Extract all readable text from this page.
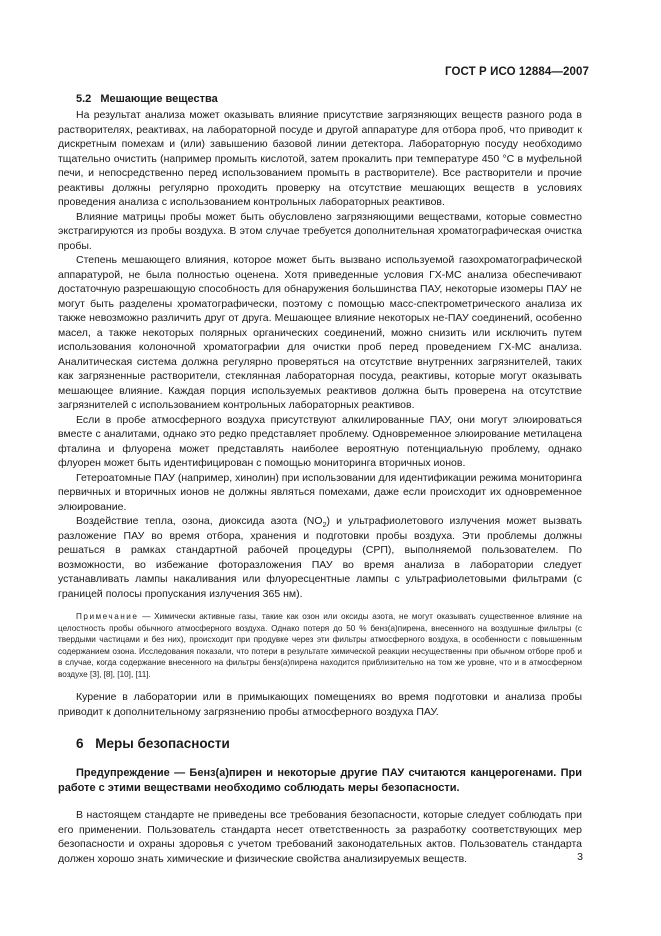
ГОСТ Р ИСО 12884—2007
5.2 Мешающие вещества

На результат анализа может оказывать влияние присутствие загрязняющих веществ разного рода в растворителях, реактивах, на лабораторной посуде и другой аппаратуре для отбора проб, что приводит к дискретным помехам и (или) завышению базовой линии детектора. Лабораторную посуду необходимо тщательно очистить (например промыть кислотой, затем прокалить при температуре 450 °С в муфельной печи, и непосредственно перед использованием промыть в растворителе). Все растворители и прочие реактивы должны регулярно проходить проверку на отсутствие мешающих веществ в условиях проведения анализа с использованием контрольных лабораторных реактивов.

Влияние матрицы пробы может быть обусловлено загрязняющими веществами, которые совместно экстрагируются из пробы воздуха. В этом случае требуется дополнительная хроматографическая очистка пробы.

Степень мешающего влияния, которое может быть вызвано используемой газохроматографической аппаратурой, не была полностью оценена. Хотя приведенные условия ГХ-МС анализа обеспечивают достаточную разрешающую способность для обнаружения большинства ПАУ, некоторые изомеры ПАУ не могут быть разделены хроматографически, поэтому с помощью масс-спектрометрического анализа их также невозможно различить друг от друга. Мешающее влияние некоторых не-ПАУ соединений, особенно масел, а также некоторых полярных органических соединений, можно снизить или исключить путем использования колоночной хроматографии для очистки проб перед проведением ГХ-МС анализа. Аналитическая система должна регулярно проверяться на отсутствие внутренних загрязнителей, таких как загрязненные растворители, стеклянная лабораторная посуда, реактивы, которые могут оказывать мешающее влияние. Каждая порция используемых реактивов должна быть проверена на отсутствие загрязнителей с использованием контрольных лабораторных реактивов.

Если в пробе атмосферного воздуха присутствуют алкилированные ПАУ, они могут элюироваться вместе с аналитами, однако это редко представляет проблему. Одновременное элюирование метилацена фталина и флуорена может представлять наиболее вероятную потенциальную проблему, однако флуорен может быть идентифицирован с помощью мониторинга вторичных ионов.

Гетероатомные ПАУ (например, хинолин) при использовании для идентификации режима мониторинга первичных и вторичных ионов не должны являться помехами, даже если происходит их одновременное элюирование.

Воздействие тепла, озона, диоксида азота $(NO_2)$ и ультрафиолетового излучения может вызвать разложение ПАУ во время отбора, хранения и подготовки пробы воздуха. Эти проблемы должны решаться в рамках стандартной рабочей процедуры (СРП), выполняемой пользователем. По возможности, во избежание фоторазложения ПАУ во время анализа в лаборатории следует устанавливать лампы накаливания или флуоресцентные лампы с ультрафиолетовыми фильтрами (с границей полосы пропускания излучения 365 нм).

Примечание — Химически активные газы, такие как озон или оксиды азота, не могут оказывать существенное влияние на целостность пробы обычного атмосферного воздуха. Однако потеря до 50 % бенз(а)пирена, внесенного на воздушные фильтры (с твердыми частицами и без них), происходит при продувке через эти фильтры атмосферного воздуха, в особенности с повышенным содержанием озона. Исследования показали, что потери в результате химической реакции несущественны при обычном отборе проб и в случае, когда содержание внесенного на фильтры бенз(а)пирена находится приблизительно на том же уровне, что и в атмосферном воздухе [3], [8], [10], [11].

Курение в лаборатории или в примыкающих помещениях во время подготовки и анализа пробы приводит к дополнительному загрязнению пробы атмосферного воздуха ПАУ.

6 Меры безопасности

Предупреждение — Бенз(а)пирен и некоторые другие ПАУ считаются канцерогенами. При работе с этими веществами необходимо соблюдать меры безопасности.

В настоящем стандарте не приведены все требования безопасности, которые следует соблюдать при его применении. Пользователь стандарта несет ответственность за разработку соответствующих мер безопасности и охраны здоровья с учетом требований законодательных актов. Пользователь стандарта должен хорошо знать химические и физические свойства анализируемых веществ.	3
